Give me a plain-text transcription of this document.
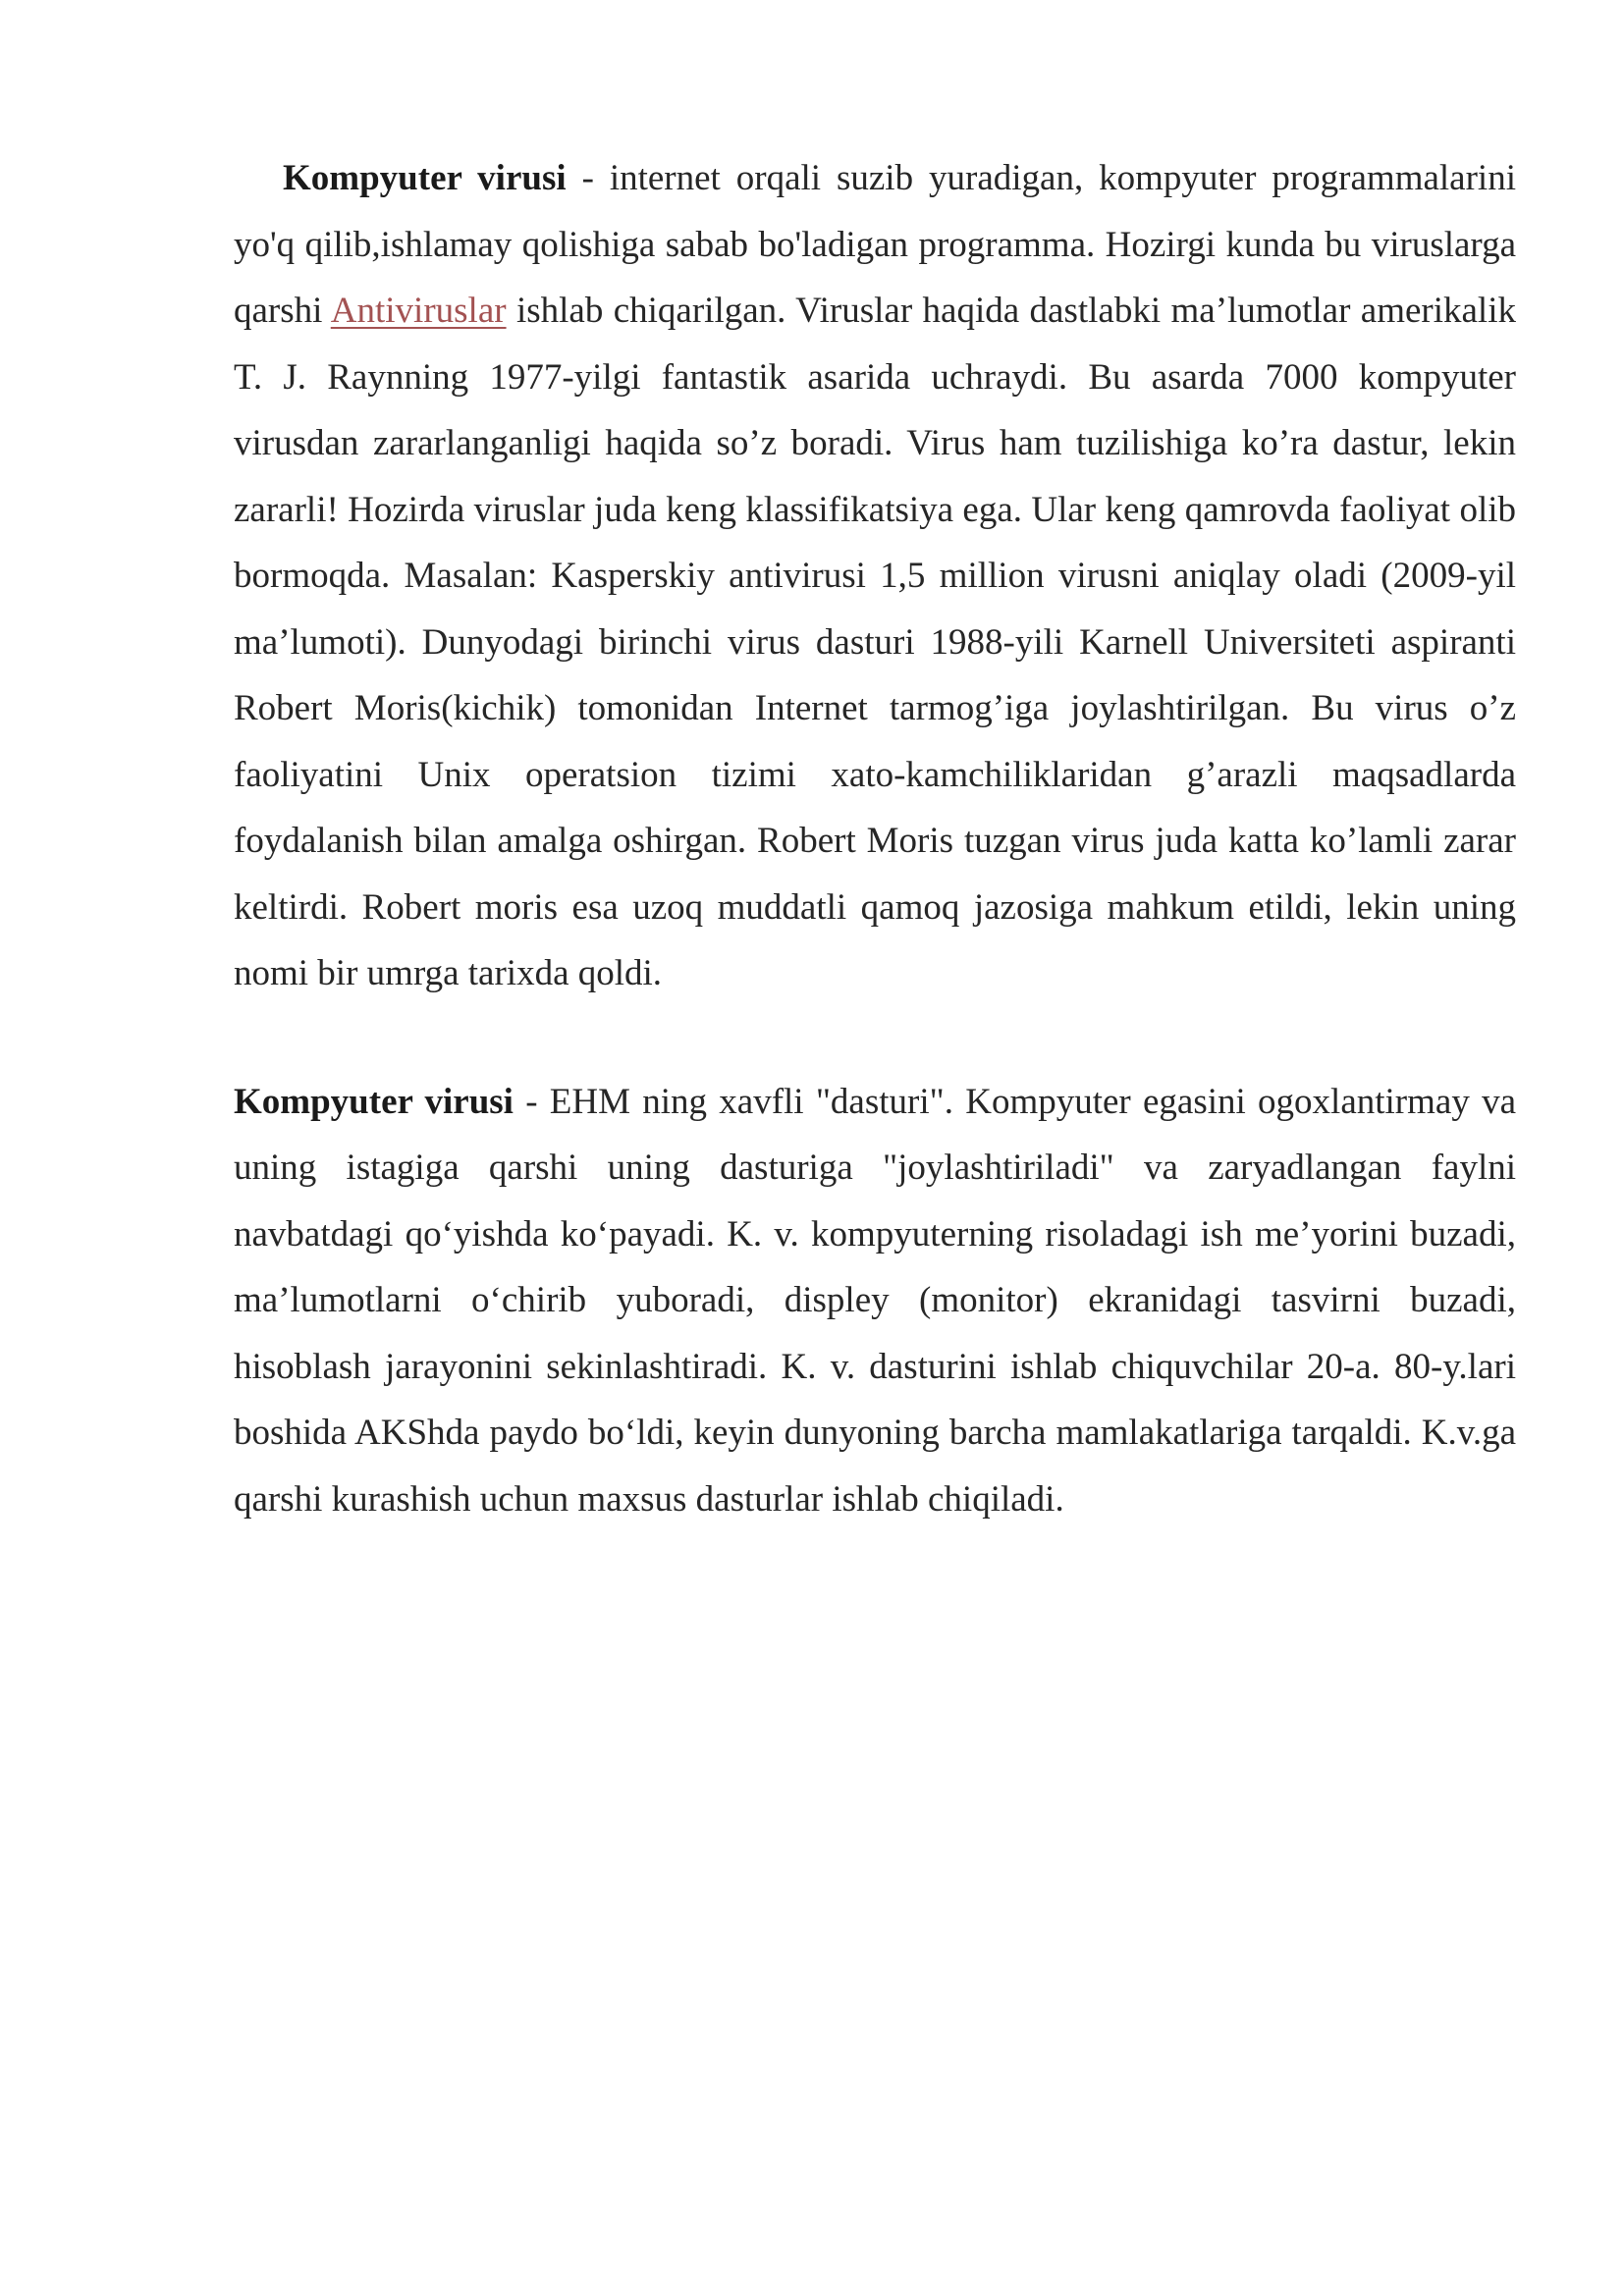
Kompyuter virusi - internet orqali suzib yuradigan, kompyuter programmalarini yo'q qilib,ishlamay qolishiga sabab bo'ladigan programma. Hozirgi kunda bu viruslarga qarshi Antiviruslar ishlab chiqarilgan. Viruslar haqida dastlabki ma’lumotlar amerikalik T. J. Raynning 1977-yilgi fantastik asarida uchraydi. Bu asarda 7000 kompyuter virusdan zararlanganligi haqida so’z boradi. Virus ham tuzilishiga ko’ra dastur, lekin zararli! Hozirda viruslar juda keng klassifikatsiya ega. Ular keng qamrovda faoliyat olib bormoqda. Masalan: Kasperskiy antivirusi 1,5 million virusni aniqlay oladi (2009-yil ma’lumoti). Dunyodagi birinchi virus dasturi 1988-yili Karnell Universiteti aspiranti Robert Moris(kichik) tomonidan Internet tarmog’iga joylashtirilgan. Bu virus o’z faoliyatini Unix operatsion tizimi xato-kamchiliklaridan g’arazli maqsadlarda foydalanish bilan amalga oshirgan. Robert Moris tuzgan virus juda katta ko’lamli zarar keltirdi. Robert moris esa uzoq muddatli qamoq jazosiga mahkum etildi, lekin uning nomi bir umrga tarixda qoldi.

Kompyuter virusi - EHM ning xavfli "dasturi". Kompyuter egasini ogoxlantirmay va uning istagiga qarshi uning dasturiga "joylashtiriladi" va zaryadlangan faylni navbatdagi qoʻyishda koʻpayadi. K. v. kompyuterning risoladagi ish meʼyorini buzadi, maʼlumotlarni oʻchirib yuboradi, displey (monitor) ekranidagi tasvirni buzadi, hisoblash jarayonini sekinlashtiradi. K. v. dasturini ishlab chiquvchilar 20-a. 80-y.lari boshida AKShda paydo boʻldi, keyin dunyoning barcha mamlakatlariga tarqaldi. K.v.ga qarshi kurashish uchun maxsus dasturlar ishlab chiqiladi.
